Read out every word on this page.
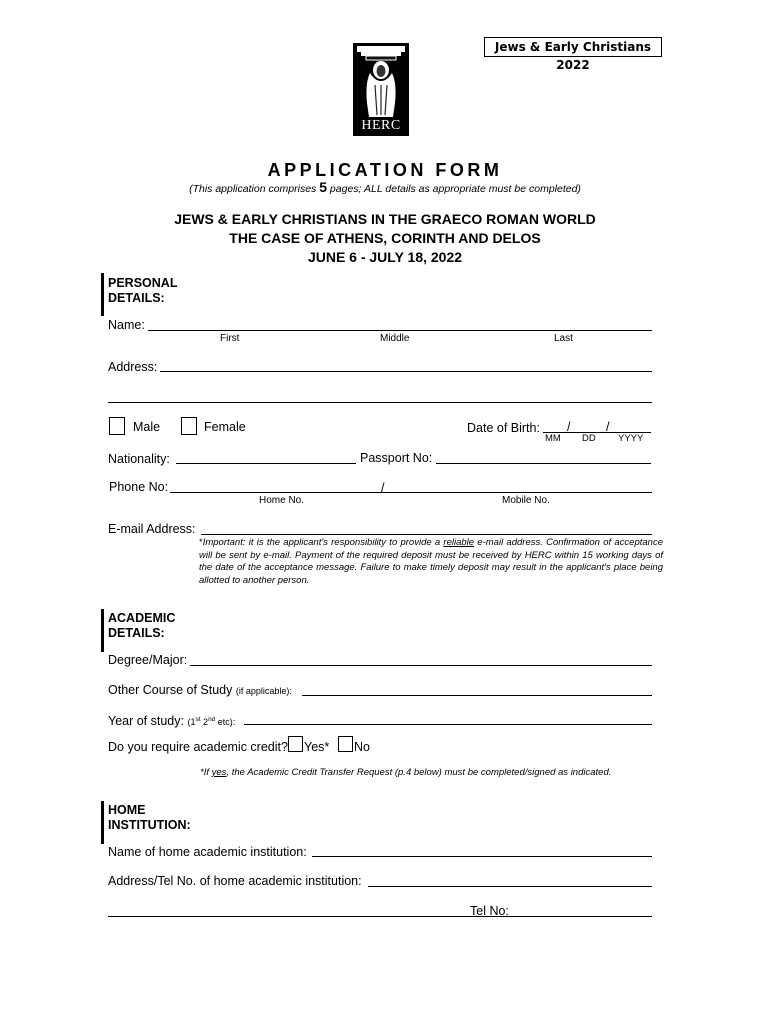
Jews & Early Christians 2022
HERC
APPLICATION FORM
(This application comprises 5 pages; ALL details as appropriate must be completed)
JEWS & EARLY CHRISTIANS IN THE GRAECO ROMAN WORLD
THE CASE OF ATHENS, CORINTH AND DELOS
JUNE 6 - JULY 18, 2022
PERSONAL
DETAILS:
Name:
First	Middle	Last
Address:
Male	Female	Date of Birth: /	/
MM DD YYYY
Nationality:	Passport No:
Phone No:	/
Home No.	Mobile No.
E-mail Address:
*Important: it is the applicant's responsibility to provide a reliable e-mail address. Confirmation of acceptance will be sent by e-mail. Payment of the required deposit must be received by HERC within 15 working days of the date of the acceptance message. Failure to make timely deposit may result in the applicant's place being allotted to another person.
ACADEMIC
DETAILS:
Degree/Major:
Other Course of Study (if applicable):
Year of study: (1st 2nd etc):
Do you require academic credit? Yes* No
*If yes, the Academic Credit Transfer Request (p.4 below) must be completed/signed as indicated.
HOME
INSTITUTION:
Name of home academic institution:
Address/Tel No. of home academic institution:
Tel No:
